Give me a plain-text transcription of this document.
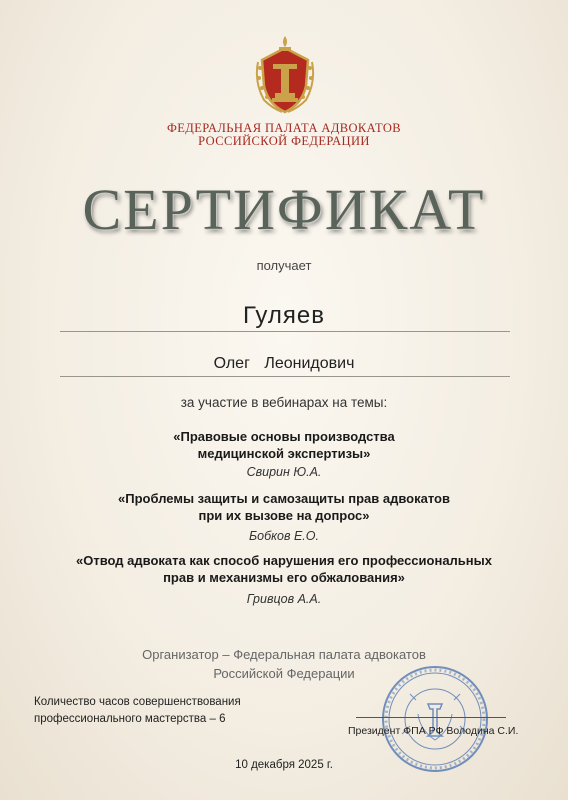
ФЕДЕРАЛЬНАЯ ПАЛАТА АДВОКАТОВ
РОССИЙСКОЙ ФЕДЕРАЦИИ
СЕРТИФИКАТ
получает
Гуляев
Олег Леонидович
за участие в вебинарах на темы:
«Правовые основы производства
медицинской экспертизы»
Свирин Ю.А.
«Проблемы защиты и самозащиты прав адвокатов
при их вызове на допрос»
Бобков Е.О.
«Отвод адвоката как способ нарушения его профессиональных
прав и механизмы его обжалования»
Гривцов А.А.
Организатор – Федеральная палата адвокатов
Российской Федерации
Количество часов совершенствования
профессионального мастерства – 6
Президент ФПА РФ Володина С.И.
10 декабря 2025 г.
